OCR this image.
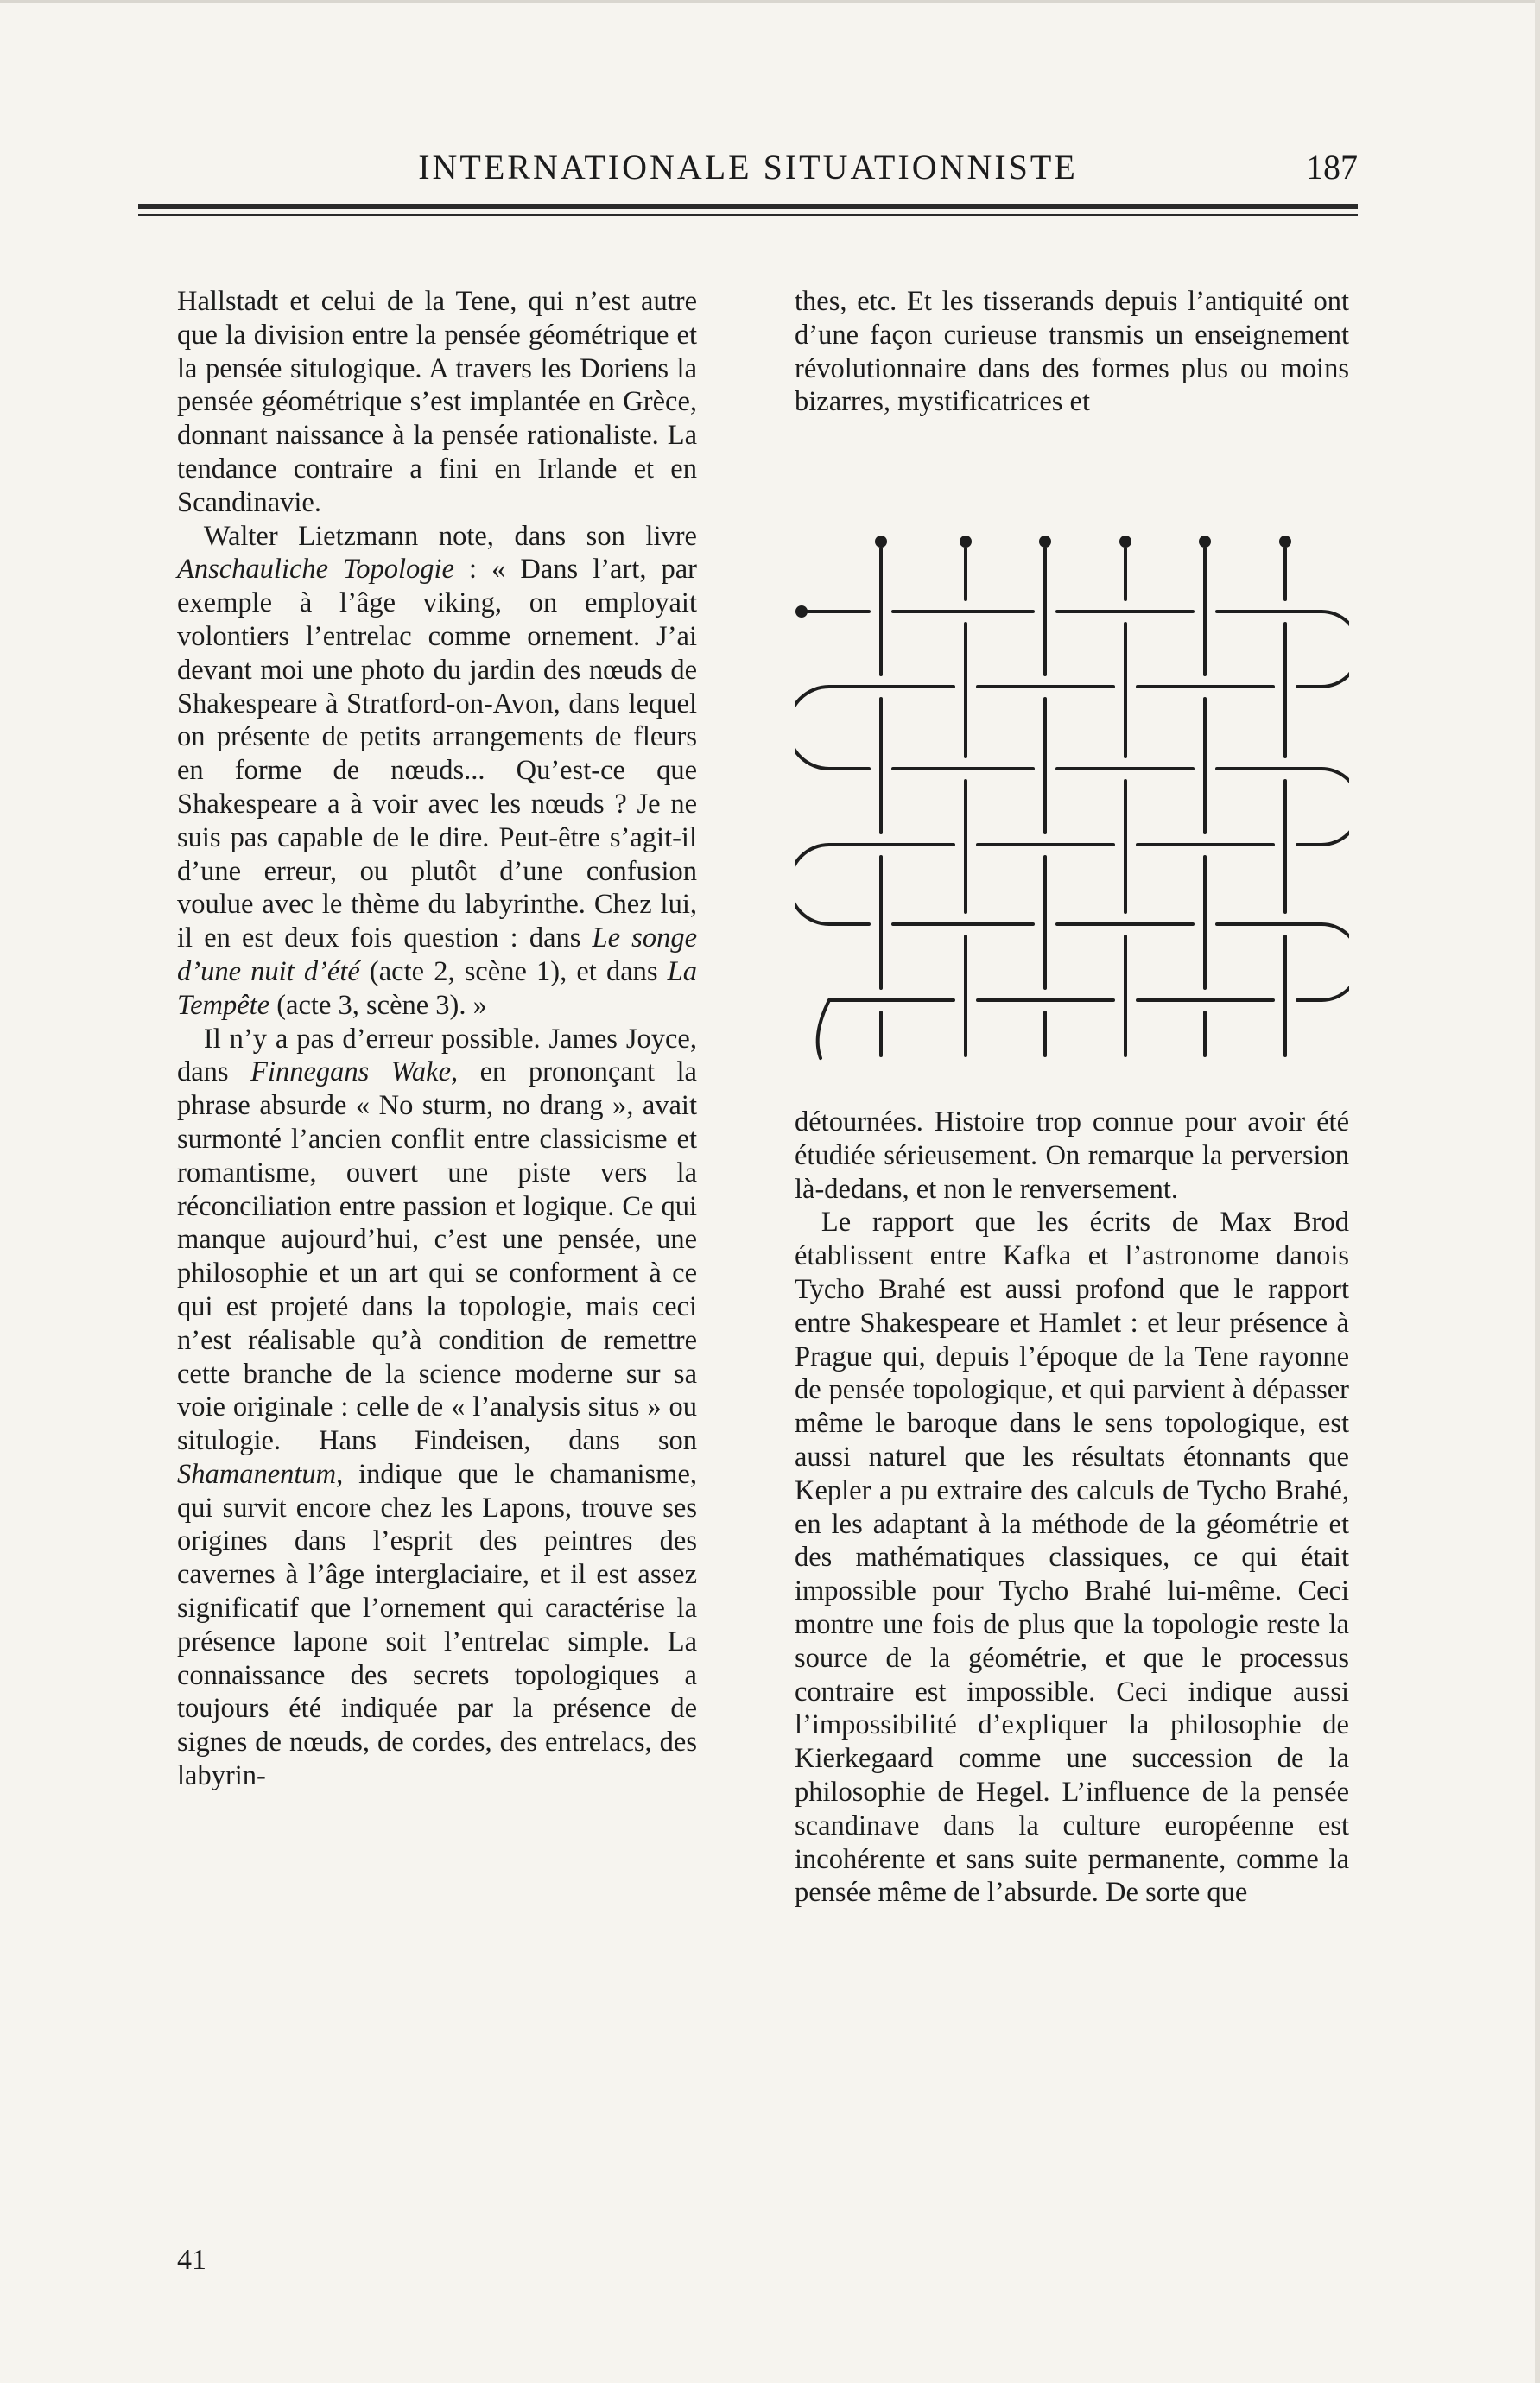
INTERNATIONALE SITUATIONNISTE	187

Hallstadt et celui de la Tene, qui n’est autre que la division entre la pensée géométrique et la pensée situlogique. A travers les Doriens la pensée géométrique s’est implantée en Grèce, donnant naissance à la pensée rationaliste. La tendance contraire a fini en Irlande et en Scandinavie.

Walter Lietzmann note, dans son livre Anschauliche Topologie : « Dans l’art, par exemple à l’âge viking, on employait volontiers l’entrelac comme ornement. J’ai devant moi une photo du jardin des nœuds de Shakespeare à Stratford-on-Avon, dans lequel on présente de petits arrangements de fleurs en forme de nœuds... Qu’est-ce que Shakespeare a à voir avec les nœuds ? Je ne suis pas capable de le dire. Peut-être s’agit-il d’une erreur, ou plutôt d’une confusion voulue avec le thème du labyrinthe. Chez lui, il en est deux fois question : dans Le songe d’une nuit d’été (acte 2, scène 1), et dans La Tempête (acte 3, scène 3). »

Il n’y a pas d’erreur possible. James Joyce, dans Finnegans Wake, en prononçant la phrase absurde « No sturm, no drang », avait surmonté l’ancien conflit entre classicisme et romantisme, ouvert une piste vers la réconciliation entre passion et logique. Ce qui manque aujourd’hui, c’est une pensée, une philosophie et un art qui se conforment à ce qui est projeté dans la topologie, mais ceci n’est réalisable qu’à condition de remettre cette branche de la science moderne sur sa voie originale : celle de « l’analysis situs » ou situlogie. Hans Findeisen, dans son Shamanentum, indique que le chamanisme, qui survit encore chez les Lapons, trouve ses origines dans l’esprit des peintres des cavernes à l’âge interglaciaire, et il est assez significatif que l’ornement qui caractérise la présence lapone soit l’entrelac simple. La connaissance des secrets topologiques a toujours été indiquée par la présence de signes de nœuds, de cordes, des entrelacs, des labyrin-

thes, etc. Et les tisserands depuis l’antiquité ont d’une façon curieuse transmis un enseignement révolutionnaire dans des formes plus ou moins bizarres, mystificatrices et

détournées. Histoire trop connue pour avoir été étudiée sérieusement. On remarque la perversion là-dedans, et non le renversement.

Le rapport que les écrits de Max Brod établissent entre Kafka et l’astronome danois Tycho Brahé est aussi profond que le rapport entre Shakespeare et Hamlet : et leur présence à Prague qui, depuis l’époque de la Tene rayonne de pensée topologique, et qui parvient à dépasser même le baroque dans le sens topologique, est aussi naturel que les résultats étonnants que Kepler a pu extraire des calculs de Tycho Brahé, en les adaptant à la méthode de la géométrie et des mathématiques classiques, ce qui était impossible pour Tycho Brahé lui-même. Ceci montre une fois de plus que la topologie reste la source de la géométrie, et que le processus contraire est impossible. Ceci indique aussi l’impossibilité d’expliquer la philosophie de Kierkegaard comme une succession de la philosophie de Hegel. L’influence de la pensée scandinave dans la culture européenne est incohérente et sans suite permanente, comme la pensée même de l’absurde. De sorte que

41
